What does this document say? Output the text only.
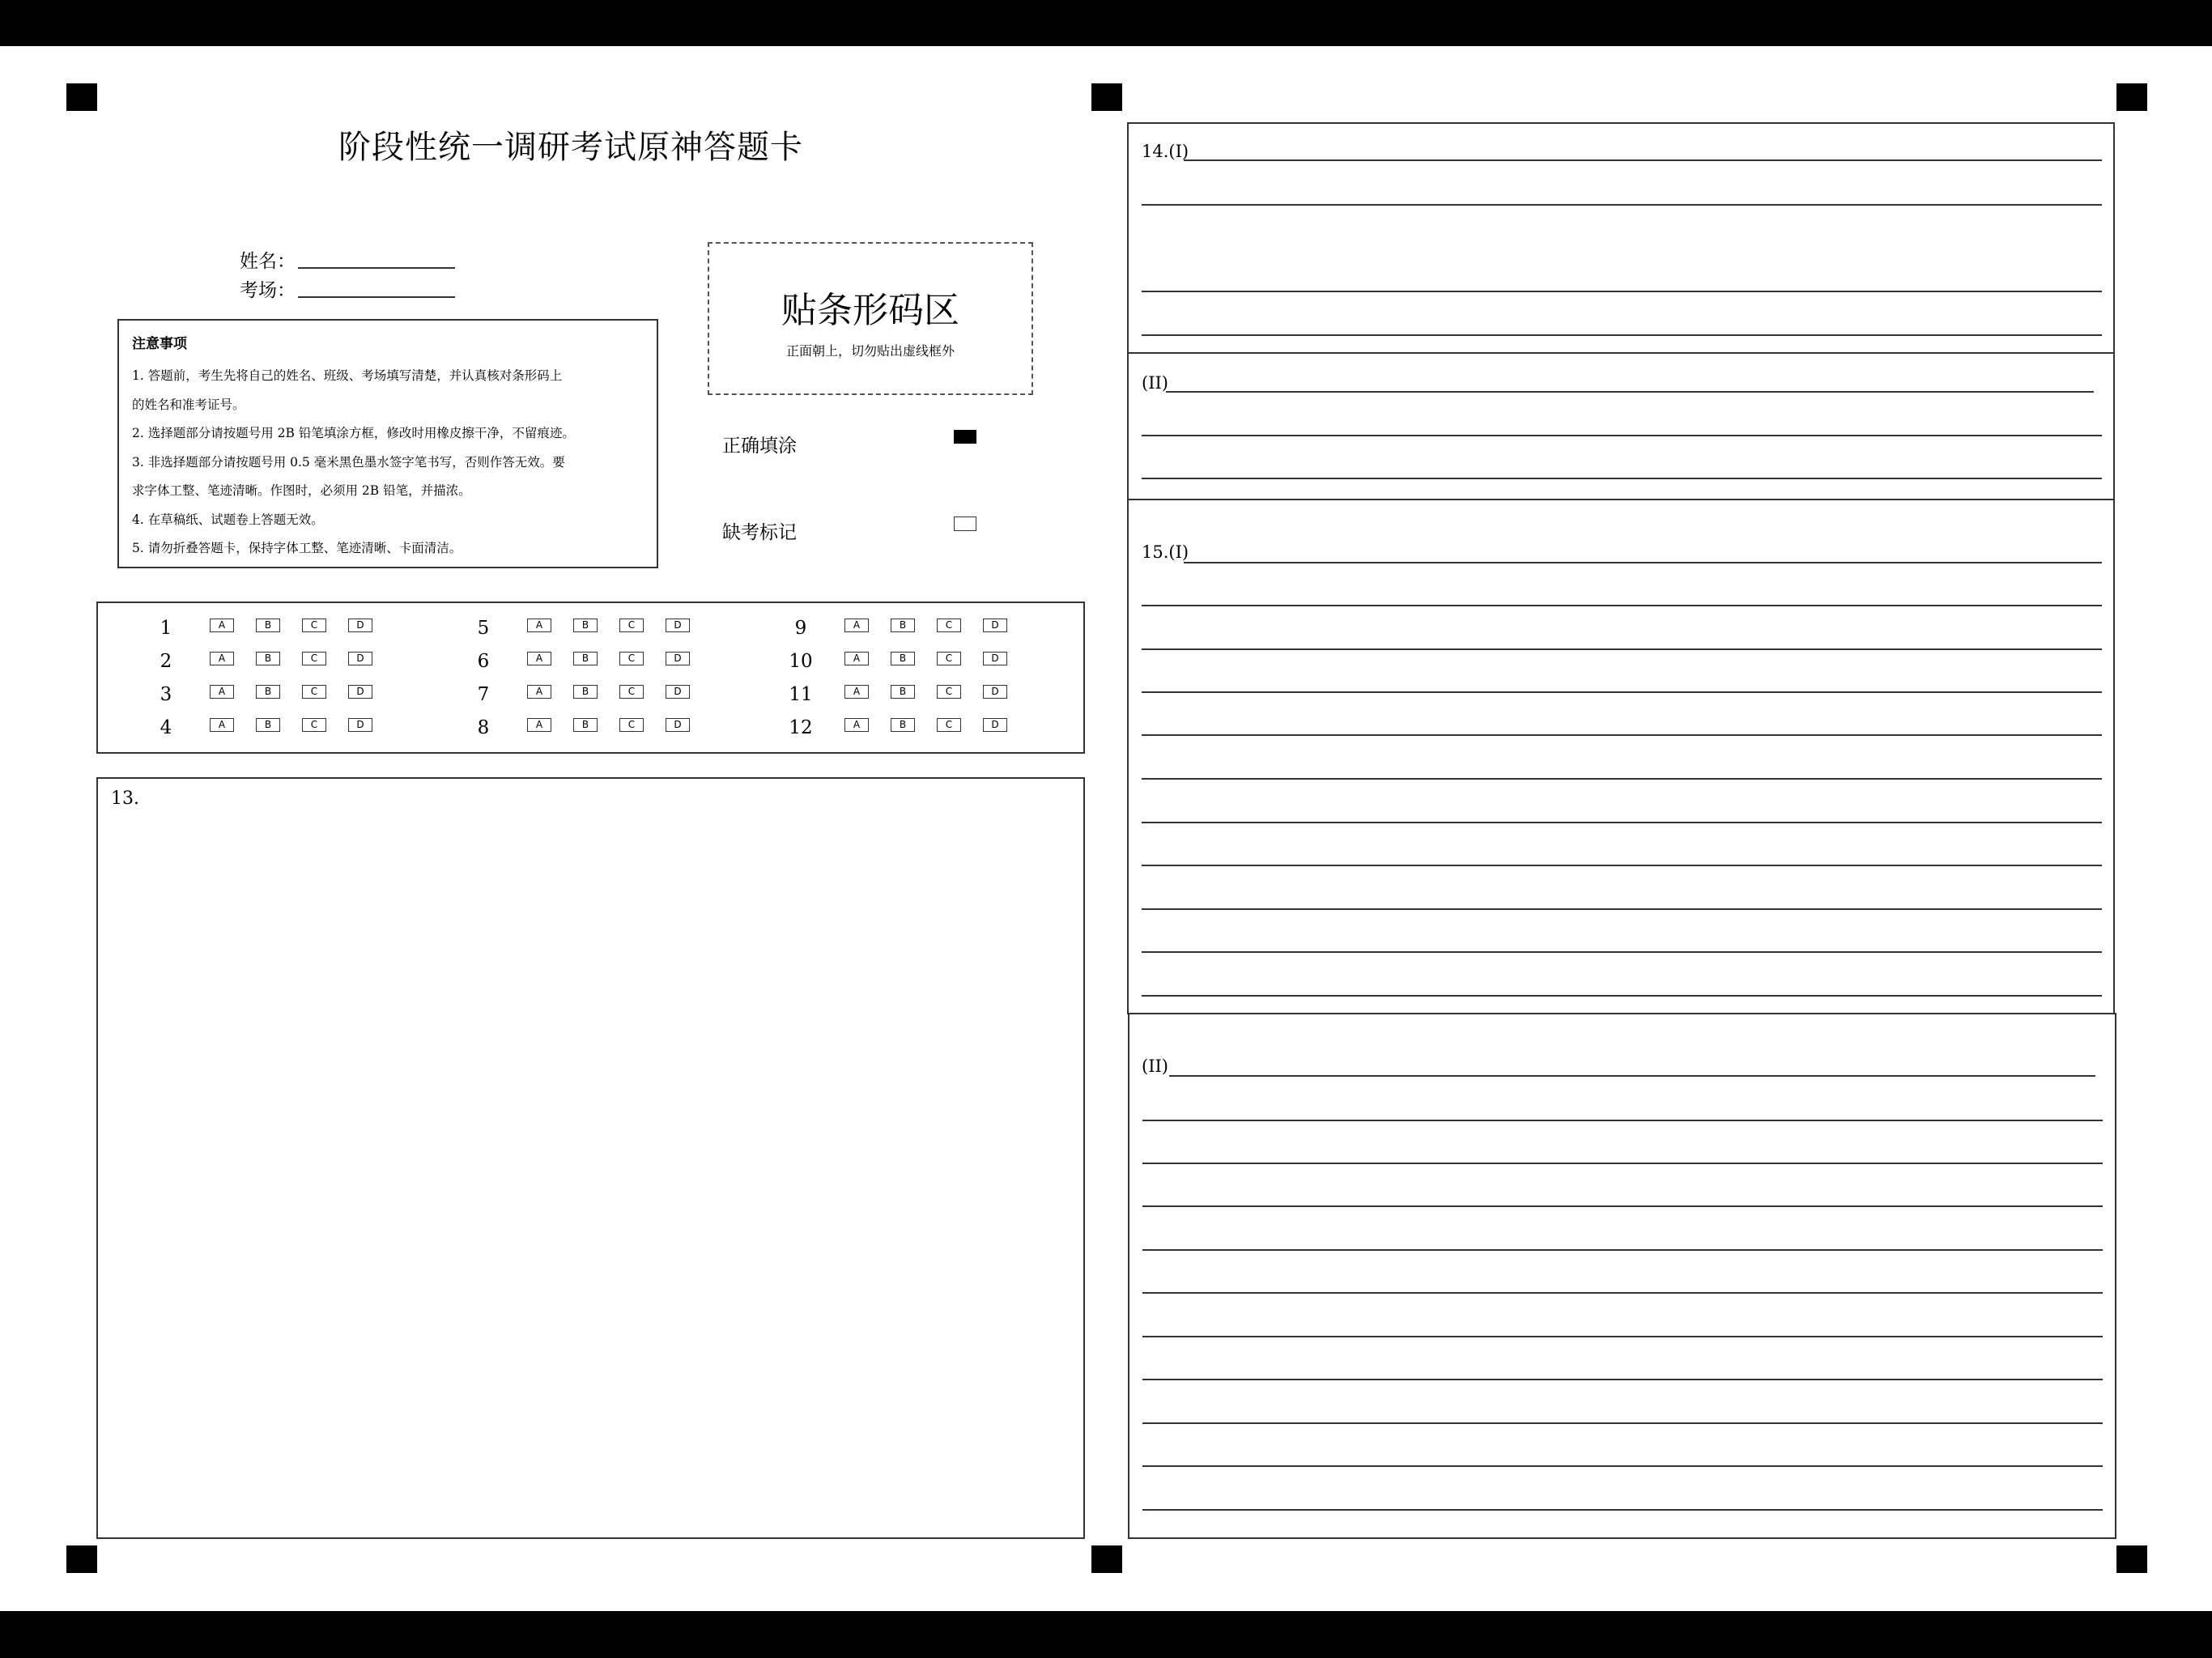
阶段性统一调研考试原神答题卡
姓名：
考场：
注意事项

1. 答题前，考生先将自己的姓名、班级、考场填写清楚，并认真核对条形码上

的姓名和准考证号。

2. 选择题部分请按题号用 2B 铅笔填涂方框，修改时用橡皮擦干净，不留痕迹。

3. 非选择题部分请按题号用 0.5 毫米黑色墨水签字笔书写，否则作答无效。要

求字体工整、笔迹清晰。作图时，必须用 2B 铅笔，并描浓。

4. 在草稿纸、试题卷上答题无效。

5. 请勿折叠答题卡，保持字体工整、笔迹清晰、卡面清洁。

贴条形码区
正面朝上，切勿贴出虚线框外
正确填涂
缺考标记
1	A	B	C	D
2	A	B	C	D
3	A	B	C	D
4	A	B	C	D
5	A	B	C	D
6	A	B	C	D
7	A	B	C	D
8	A	B	C	D
9	A	B	C	D
10	A	B	C	D
11	A	B	C	D
12	A	B	C	D
13.
14.(I)
(II)
15.(I)
(II)
